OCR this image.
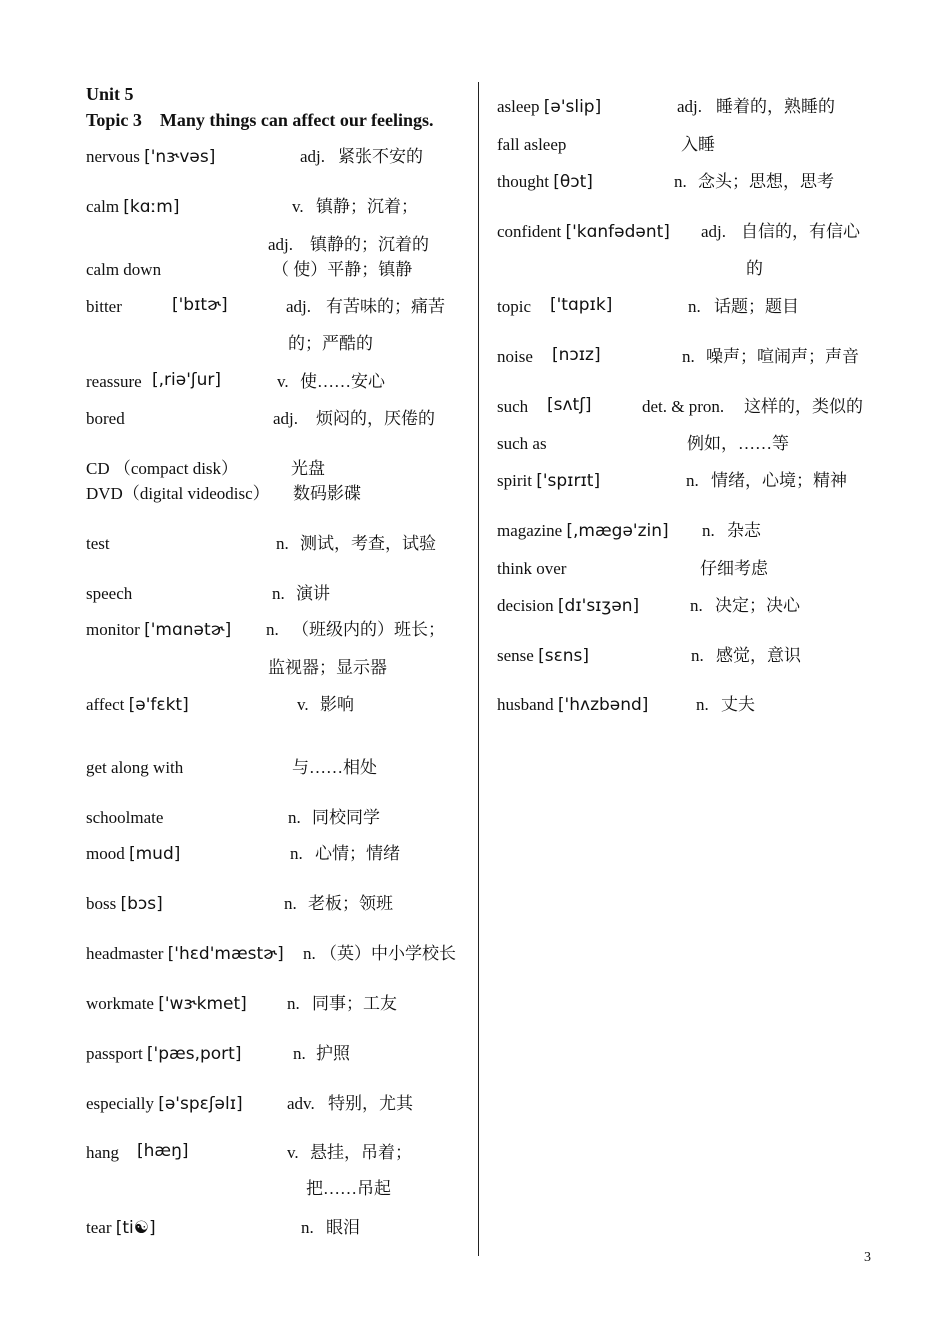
Unit 5
Topic 3    Many things can affect our feelings.
nervous ['nɝvəs]	adj. 紧张不安的
calm [kɑːm]	v. 镇静；沉着；
adj. 镇静的；沉着的
calm down	（ 使）平静；镇静
bitter	['bɪtɚ]	adj. 有苦味的；痛苦
的；严酷的
reassure [,riə'ʃur]	v. 使……安心
bored	adj. 烦闷的，厌倦的
CD （compact disk）	光盘
DVD（digital videodisc） 数码影碟
test	n. 测试，考查，试验
speech	n. 演讲
monitor ['mɑnətɚ] n. （班级内的）班长；
监视器；显示器
affect [ə'fɛkt]	v. 影响
get along with	与……相处
schoolmate	n. 同校同学
mood [mud]	n. 心情；情绪
boss [bɔs]	n. 老板；领班
headmaster ['hɛd'mæstɚ] n. （英）中小学校长
workmate ['wɝkmet] n. 同事；工友
passport ['pæs,port]	n. 护照
especially [ə'spɛʃəlɪ]	adv. 特别，尤其
hang [hæŋ]	v. 悬挂，吊着；
把……吊起
tear [ti☯]	n. 眼泪
asleep [ə'slip]	adj. 睡着的，熟睡的
fall asleep	入睡
thought [θɔt]	n. 念头；思想，思考
confident ['kɑnfədənt] adj. 自信的，有信心
的
topic ['tɑpɪk]	n. 话题；题目
noise [nɔɪz]	n. 噪声；喧闹声；声音
such [sʌtʃ]	det. & pron. 这样的，类似的
such as	例如，……等
spirit ['spɪrɪt]	n. 情绪，心境；精神
magazine [,mægə'zin] n. 杂志
think over	仔细考虑
decision [dɪ'sɪʒən]	n. 决定；决心
sense [sɛns]	n. 感觉，意识
husband ['hʌzbənd]	n. 丈夫
3
